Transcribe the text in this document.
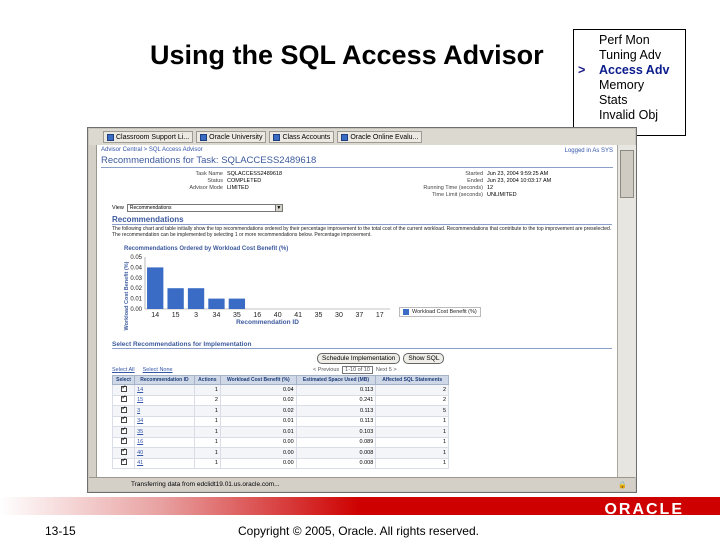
Using the SQL Access Advisor	Perf Mon
Tuning Adv
>	Access Adv
Memory
Stats
Invalid Obj
Classroom Support Li...	Oracle University	Class Accounts	Oracle Online Evalu...
Advisor Central > SQL Access Advisor	Logged in As SYS
Recommendations for Task: SQLACCESS2489618
Task Name SQLACCESS2489618
Status COMPLETED
Advisor Mode LIMITED
Started Jun 23, 2004 9:59:25 AM
Ended Jun 23, 2004 10:03:17 AM
Running Time (seconds) 12
Time Limit (seconds) UNLIMITED
View	Recommendations	▼
Recommendations
The following chart and table initially show the top recommendations ordered by their percentage improvement to the total cost of the current workload. Recommendations that contribute to the top improvement are preselected. The recommendation can be implemented by selecting 1 or more recommendations below. Percentage improvement.
Recommendations Ordered by Workload Cost Benefit (%)
Workload Cost Benefit (%)
0.05
0.04
0.03
0.02
0.01
0.00
14 15 3 34 35 16 40 41 35 30 37 17
Recommendation ID
Workload Cost Benefit (%)
Select Recommendations for Implementation
Schedule Implementation	Show SQL
Select All Select None	< Previous	1-10 of 10	Next 5 >
Select	Recommendation ID	Actions	Workload Cost Benefit (%)	Estimated Space Used (MB)	Affected SQL Statements
✓	14	1	0.04	0.113	2
✓	15	2	0.02	0.241	2
✓	3	1	0.02	0.113	5
✓	34	1	0.01	0.113	1
✓	35	1	0.01	0.103	1
✓	16	1	0.00	0.089	1
✓	40	1	0.00	0.008	1
✓	41	1	0.00	0.008	1
Transferring data from edclidt19.01.us.oracle.com...	🔒
ORACLE
13-15	Copyright © 2005, Oracle. All rights reserved.
